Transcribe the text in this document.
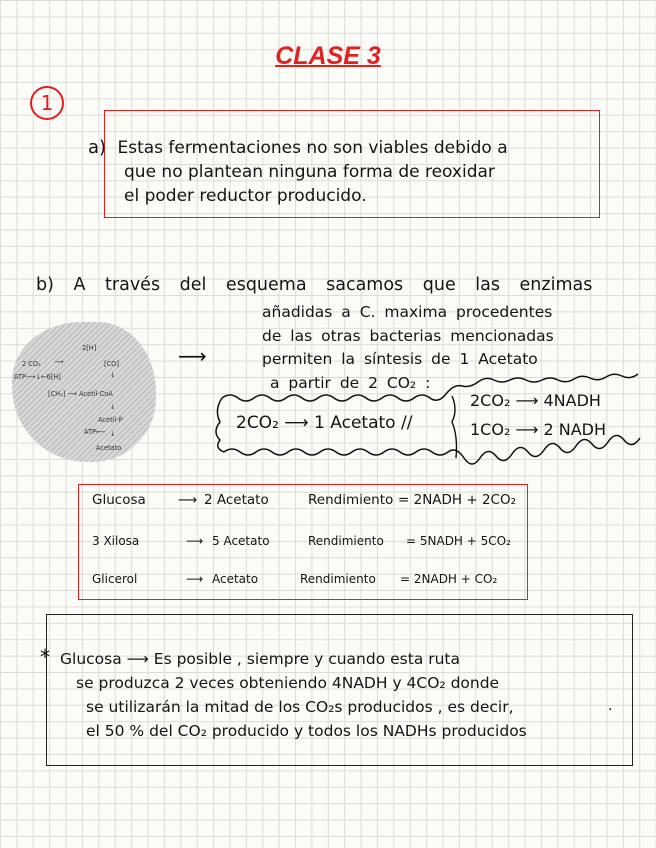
CLASE 3
1
a) Estas fermentaciones no son viables debido a
que no plantean ninguna forma de reoxidar
el poder reductor producido.
b) A través del esquema sacamos que las enzimas
añadidas a C. maxima procedentes
de las otras bacterias mencionadas
permiten la síntesis de 1 Acetato
a partir de 2 CO₂ :
2[H]
2 CO₂ ⟶	[CO]
ATP⟶↓←6[H]	↓
[CH₃] ⟶ Acetil-CoA
↓
Acetil-P
ATP⟵ ↓
Acetato
⟶
2CO₂ ⟶ 1 Acetato //
2CO₂ ⟶ 4NADH
1CO₂ ⟶ 2 NADH
Glucosa ⟶ 2 Acetato	Rendimiento = 2NADH + 2CO₂
3 Xilosa	⟶ 5 Acetato	Rendimiento = 5NADH + 5CO₂
Glicerol	⟶ Acetato	Rendimiento = 2NADH + CO₂
* Glucosa ⟶ Es posible , siempre y cuando esta ruta
se produzca 2 veces obteniendo 4NADH y 4CO₂ donde
se utilizarán la mitad de los CO₂s producidos , es decir,
el 50 % del CO₂ producido y todos los NADHs producidos
.
